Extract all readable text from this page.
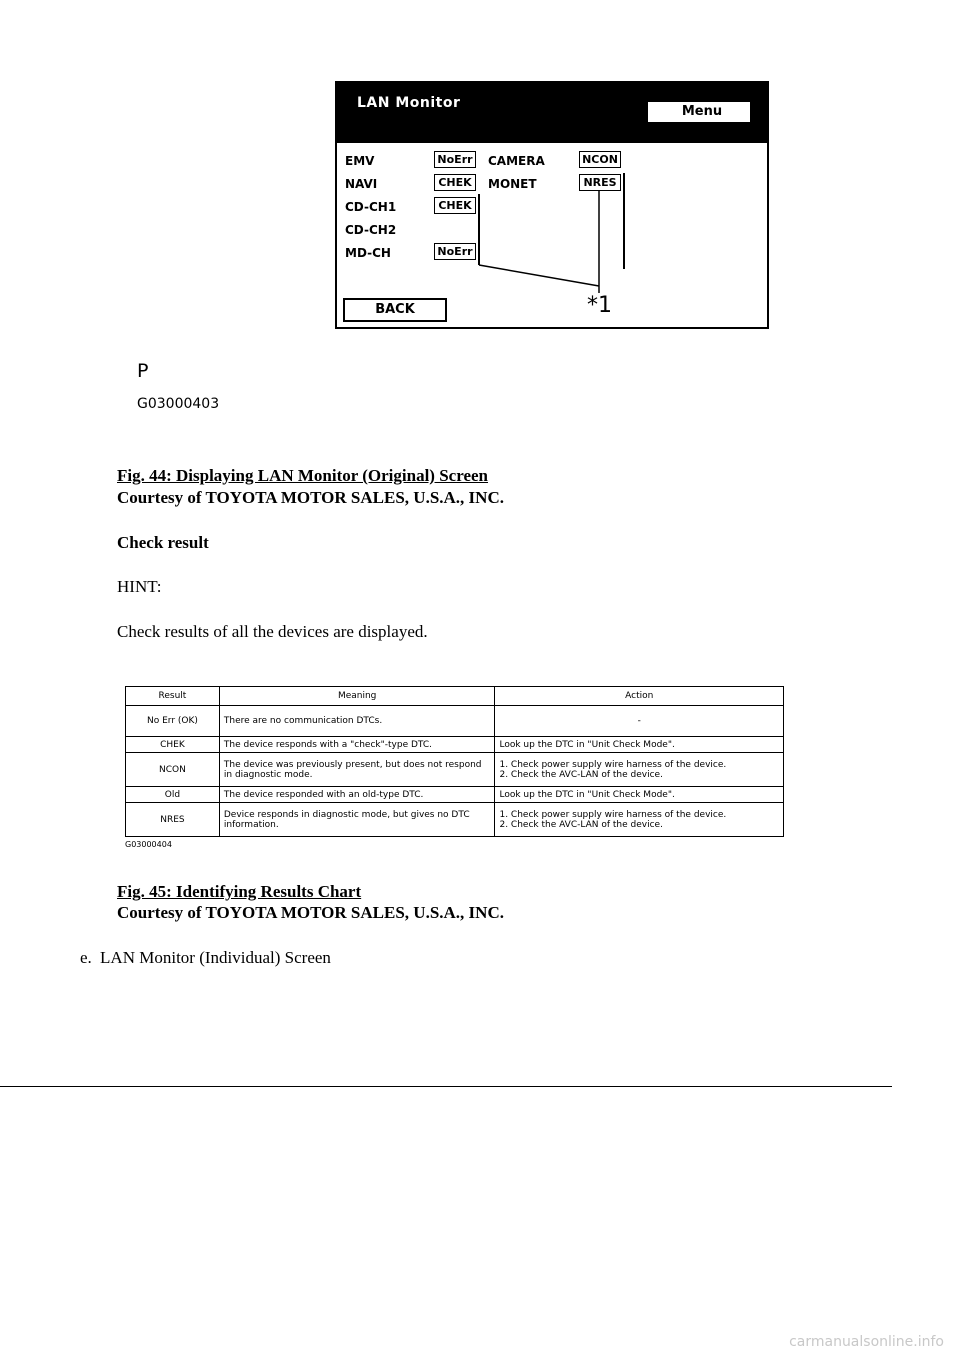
LAN Monitor
Menu
EMV
NAVI
CD-CH1
CD-CH2
MD-CH
NoErr
CHEK
CHEK
NoErr
CAMERA
MONET
NCON
NRES
BACK	*1
P
G03000403
Fig. 44: Displaying LAN Monitor (Original) Screen
Courtesy of TOYOTA MOTOR SALES, U.S.A., INC.
Check result
HINT:
Check results of all the devices are displayed.
Result	Meaning	Action
No Err (OK)	There are no communication DTCs.	-
CHEK	The device responds with a "check"-type DTC.	Look up the DTC in "Unit Check Mode".
NCON	The device was previously present, but does not respond in diagnostic mode.	1. Check power supply wire harness of the device.
2. Check the AVC-LAN of the device.

Old	The device responded with an old-type DTC.	Look up the DTC in "Unit Check Mode".
NRES	Device responds in diagnostic mode, but gives no DTC information.	1. Check power supply wire harness of the device.
2. Check the AVC-LAN of the device.
G03000404
Fig. 45: Identifying Results Chart
Courtesy of TOYOTA MOTOR SALES, U.S.A., INC.
e. LAN Monitor (Individual) Screen
carmanualsonline.info
